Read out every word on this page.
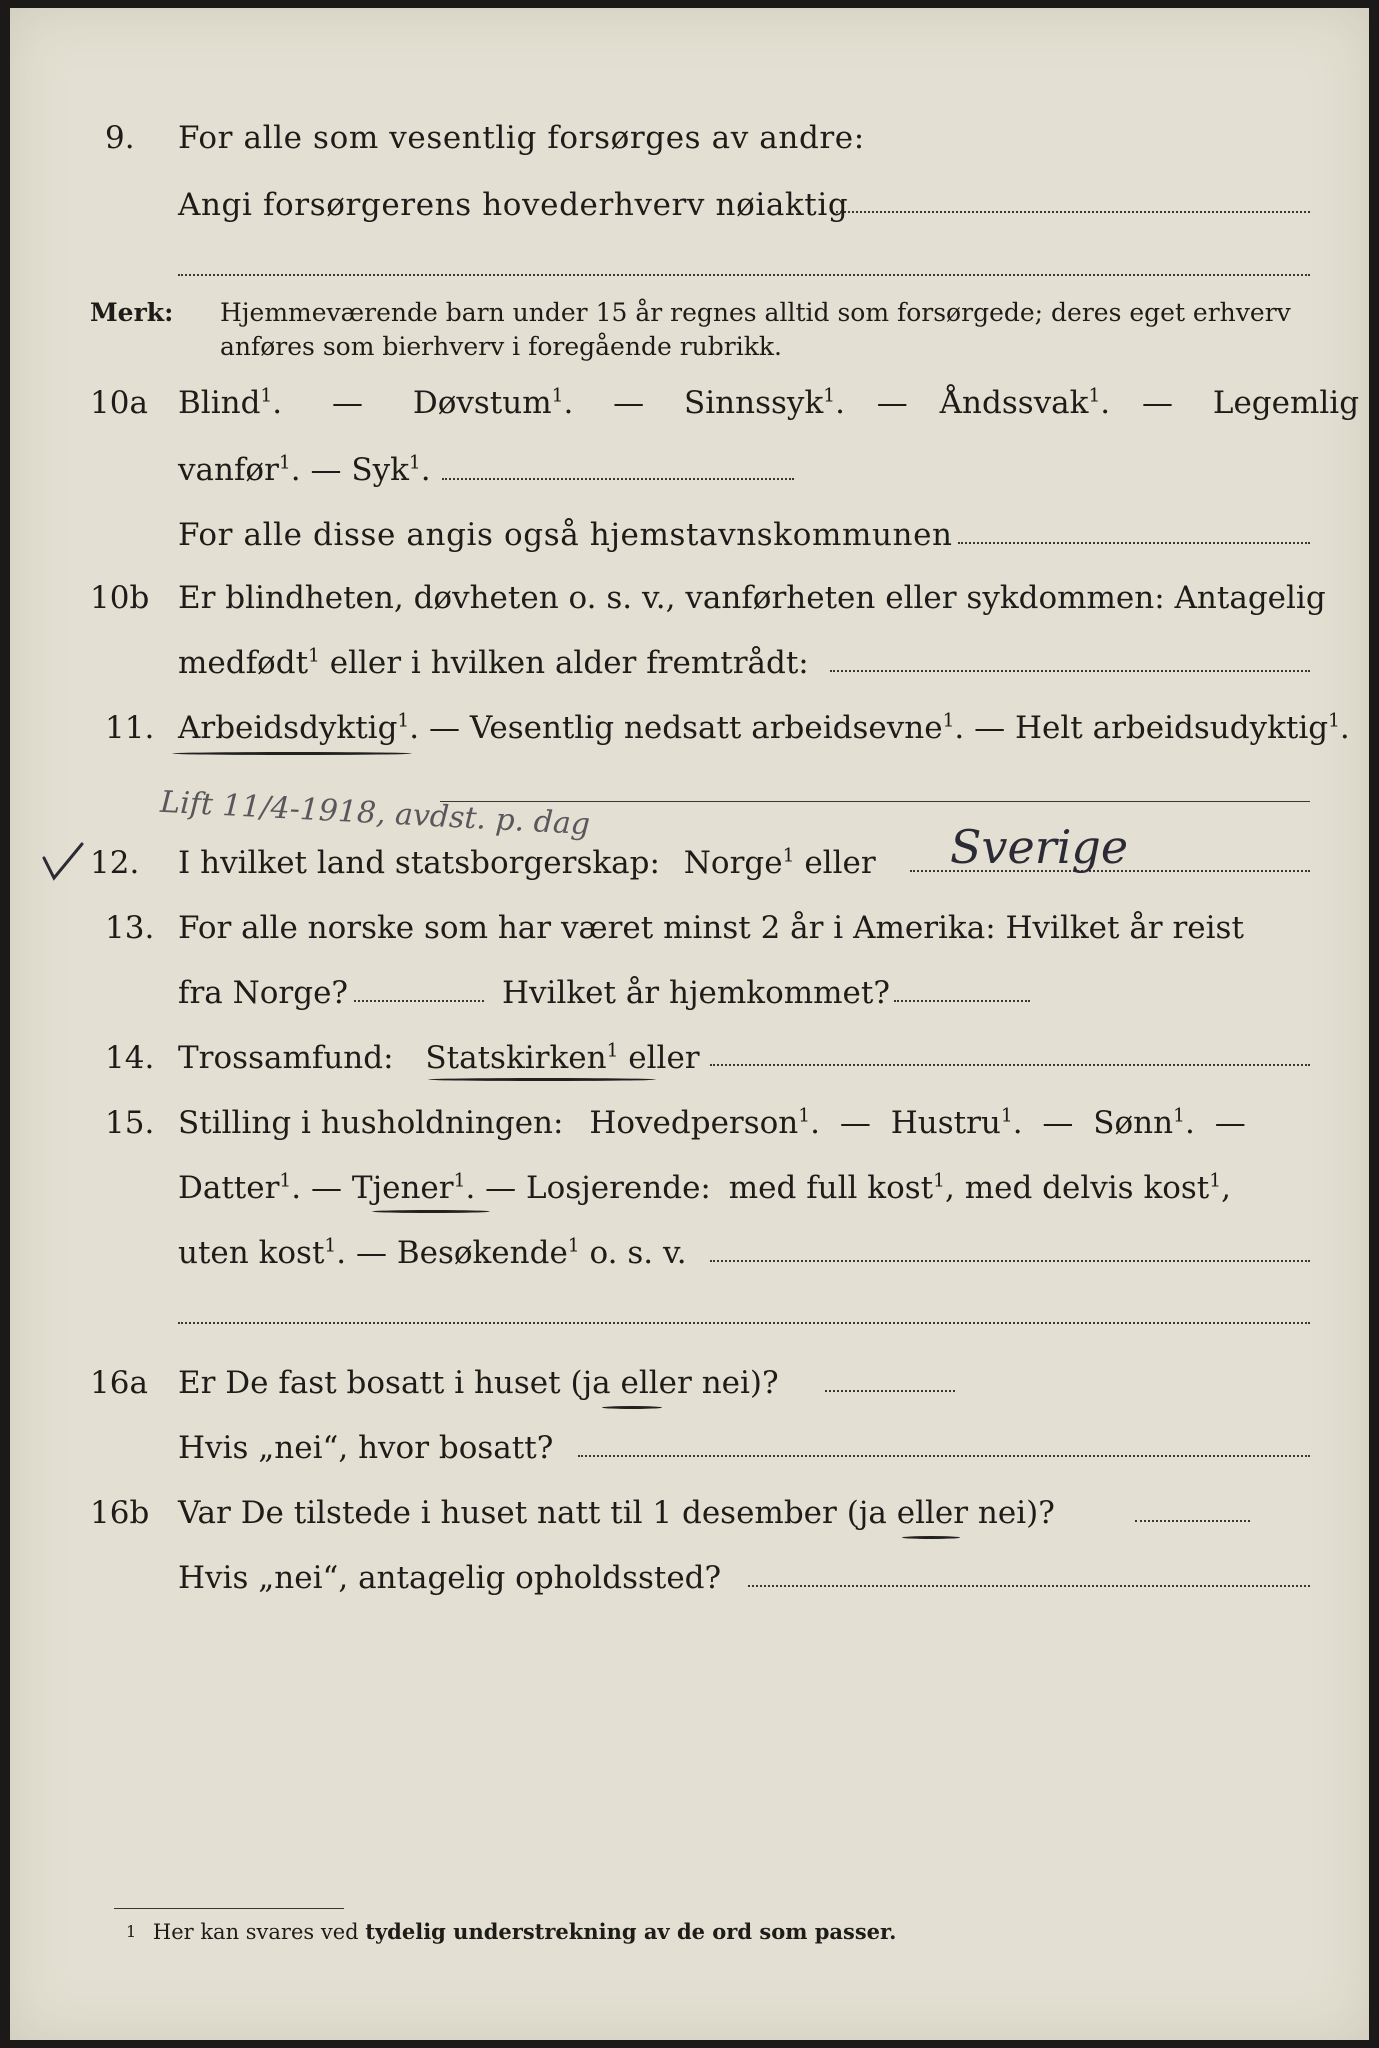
9. For alle som vesentlig forsørges av andre:
Angi forsørgerens hovederhverv nøiaktig
Merk: Hjemmeværende barn under 15 år regnes alltid som forsørgede; deres eget erhverv
anføres som bierhverv i foregående rubrikk.
10a Blind$^1$. — Døvstum$^1$. — Sinnssyk$^1$. — Åndssvak$^1$. — Legemlig
vanfør$^1$. — Syk$^1$.
For alle disse angis også hjemstavnskommunen
10b Er blindheten, døvheten o. s. v., vanførheten eller sykdommen: Antagelig
medfødt$^1$ eller i hvilken alder fremtrådt:
11. Arbeidsdyktig$^1$. — Vesentlig nedsatt arbeidsevne$^1$. — Helt arbeidsudyktig$^1$.
Lift 11/4-1918, avdst. p. dag
12. I hvilket land statsborgerskap: Norge$^1$ eller Sverige
13. For alle norske som har været minst 2 år i Amerika: Hvilket år reist
fra Norge?	Hvilket år hjemkommet?
14. Trossamfund: Statskirken$^1$ eller
15. Stilling i husholdningen: Hovedperson$^1$. — Hustru$^1$. — Sønn$^1$. —
Datter$^1$. — Tjener$^1$. — Losjerende: med full kost$^1$, med delvis kost$^1$,
uten kost$^1$. — Besøkende$^1$ o. s. v.
16a Er De fast bosatt i huset (ja eller nei)?
Hvis „nei“, hvor bosatt?
16b Var De tilstede i huset natt til 1 desember (ja eller nei)?
Hvis „nei“, antagelig opholdssted?
$^1$ Her kan svares ved tydelig understrekning av de ord som passer.
